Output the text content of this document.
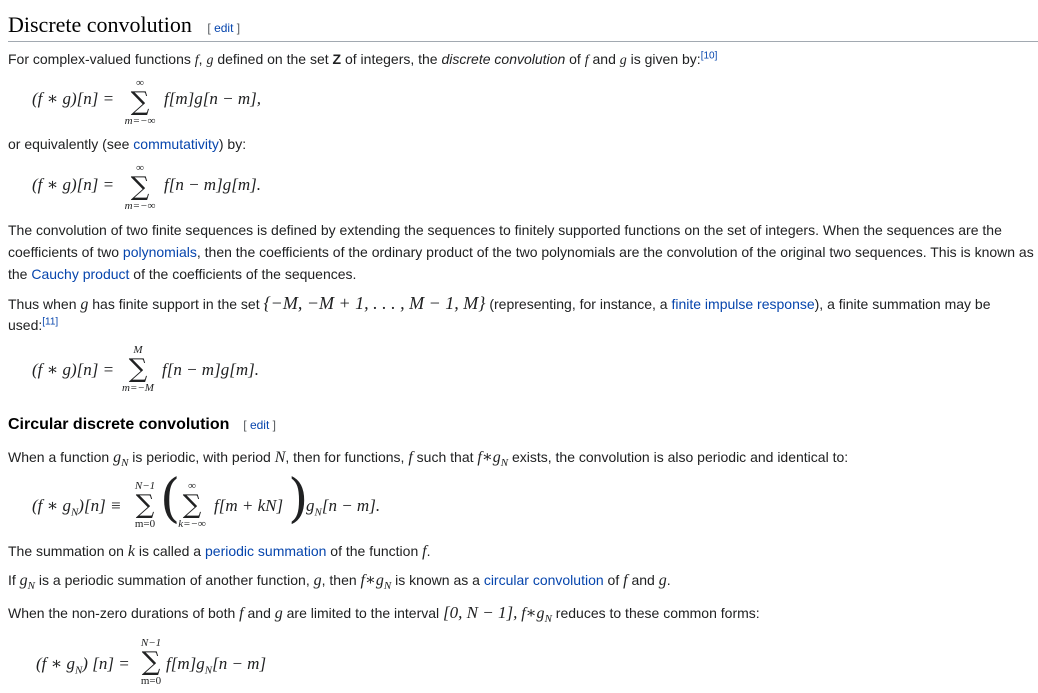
Discrete convolution [ edit ]
For complex-valued functions f, g defined on the set Z of integers, the discrete convolution of f and g is given by:[10]
(f ∗ g)[n] =
∞
∑
m=−∞
f[m]g[n − m],
or equivalently (see commutativity) by:
(f ∗ g)[n] =
∞
∑
m=−∞
f[n − m]g[m].
The convolution of two finite sequences is defined by extending the sequences to finitely supported functions on the set of integers. When the sequences are the
coefficients of two polynomials, then the coefficients of the ordinary product of the two polynomials are the convolution of the original two sequences. This is known as
the Cauchy product of the coefficients of the sequences.
Thus when g has finite support in the set {−M, −M + 1, . . . , M − 1, M} (representing, for instance, a finite impulse response), a finite summation may be
used:[11]
(f ∗ g)[n] =
M
∑
m=−M
f[n − m]g[m].
Circular discrete convolution [ edit ]
When a function $g_N$ is periodic, with period N, then for functions, f such that $f∗g_N$ exists, the convolution is also periodic and identical to:
(f ∗ $g_N)[n]$ ≡
N−1
∑
m=0 ( ∞
∑
k=−∞
f[m + kN] )
$g_N[n - m]$.
The summation on k is called a periodic summation of the function f.
If $g_N$ is a periodic summation of another function, g, then $f∗g_N$ is known as a circular convolution of f and g.
When the non-zero durations of both f and g are limited to the interval [0, N − 1], $f∗g_N$ reduces to these common forms:
(f ∗ $g_N$) [n] =
N−1
∑
m=0
$f[m]g_N[n - m]$
